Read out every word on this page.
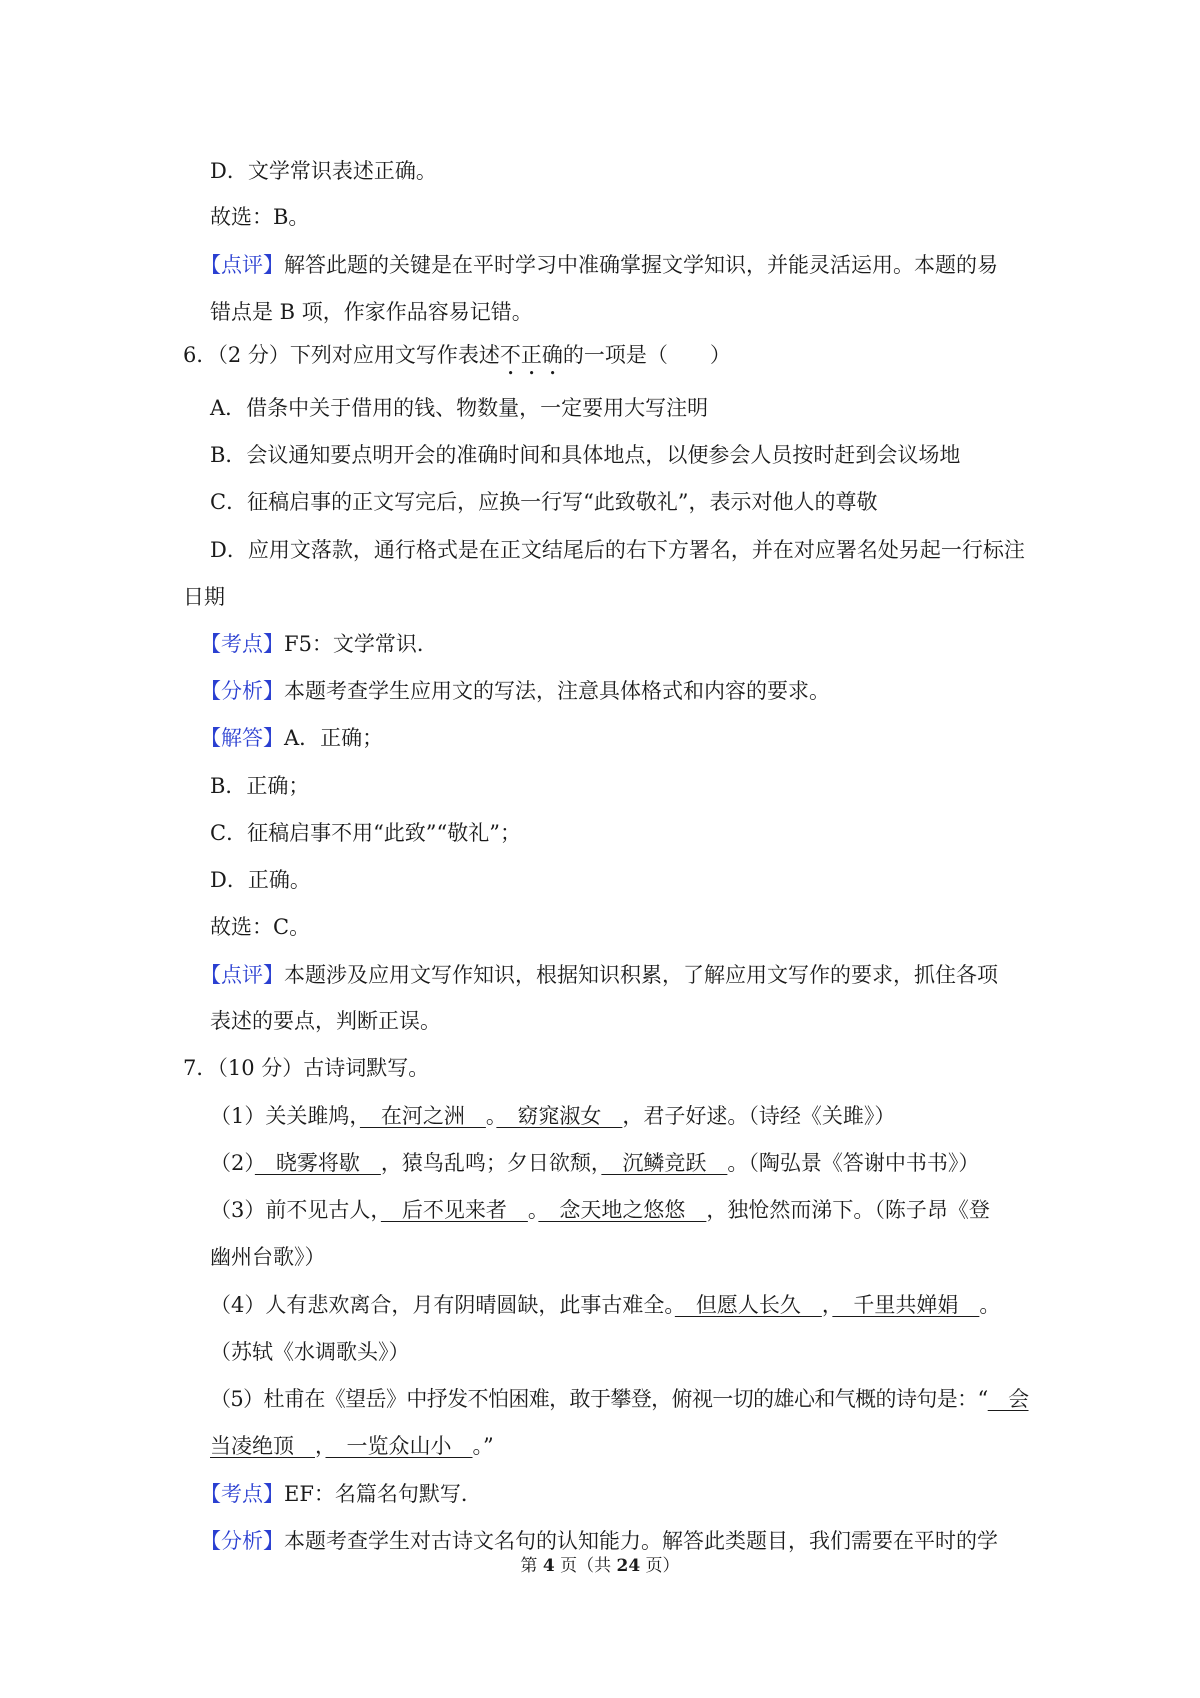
D．文学常识表述正确。
故选：B。
【点评】解答此题的关键是在平时学习中准确掌握文学知识，并能灵活运用。本题的易
错点是 B 项，作家作品容易记错。
6．（2 分）下列对应用文写作表述不正确的一项是（　　）
A．借条中关于借用的钱、物数量，一定要用大写注明
B．会议通知要点明开会的准确时间和具体地点，以便参会人员按时赶到会议场地
C．征稿启事的正文写完后，应换一行写“此致敬礼”，表示对他人的尊敬
D．应用文落款，通行格式是在正文结尾后的右下方署名，并在对应署名处另起一行标注
日期
【考点】F5：文学常识．
【分析】本题考查学生应用文的写法，注意具体格式和内容的要求。
【解答】A．正确；
B．正确；
C．征稿启事不用“此致”“敬礼”；
D．正确。
故选：C。
【点评】本题涉及应用文写作知识，根据知识积累，了解应用文写作的要求，抓住各项
表述的要点，判断正误。
7．（10 分）古诗词默写。
（1）关关雎鸠，　在河之洲　。　窈窕淑女　，君子好逑。（诗经《关雎》）
（2）　晓雾将歇　，猿鸟乱鸣；夕日欲颓，　沉鳞竞跃　。（陶弘景《答谢中书书》）
（3）前不见古人，　后不见来者　。　念天地之悠悠　，独怆然而涕下。（陈子昂《登
幽州台歌》）
（4）人有悲欢离合，月有阴晴圆缺，此事古难全。　但愿人长久　，　千里共婵娟　。
（苏轼《水调歌头》）
（5）杜甫在《望岳》中抒发不怕困难，敢于攀登，俯视一切的雄心和气概的诗句是：“　会
当凌绝顶　，　一览众山小　。”
【考点】EF：名篇名句默写．
【分析】本题考查学生对古诗文名句的认知能力。解答此类题目，我们需要在平时的学
第 4 页（共 24 页）
